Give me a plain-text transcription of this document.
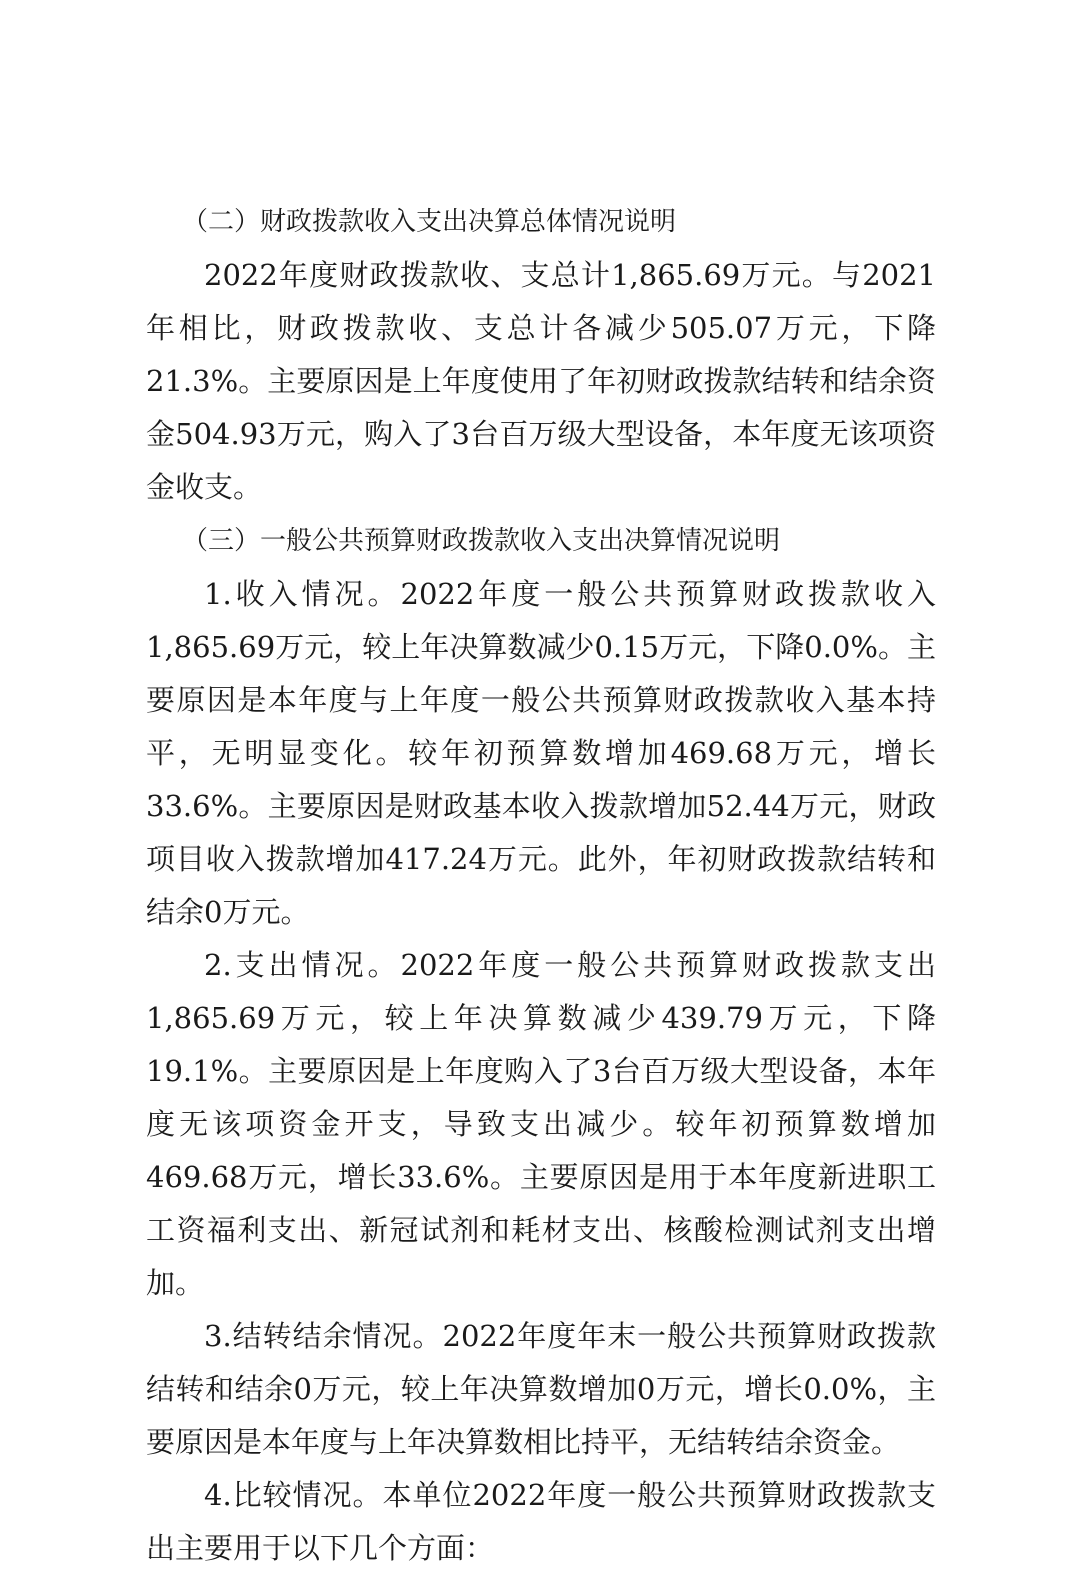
（二）财政拨款收入支出决算总体情况说明

2022年度财政拨款收、支总计1,865.69万元。与2021年相比，财政拨款收、支总计各减少505.07万元，下降21.3%。主要原因是上年度使用了年初财政拨款结转和结余资金504.93万元，购入了3台百万级大型设备，本年度无该项资金收支。

（三）一般公共预算财政拨款收入支出决算情况说明

1.收入情况。2022年度一般公共预算财政拨款收入1,865.69万元，较上年决算数减少0.15万元，下降0.0%。主要原因是本年度与上年度一般公共预算财政拨款收入基本持平，无明显变化。较年初预算数增加469.68万元，增长33.6%。主要原因是财政基本收入拨款增加52.44万元，财政项目收入拨款增加417.24万元。此外，年初财政拨款结转和结余0万元。

2.支出情况。2022年度一般公共预算财政拨款支出1,865.69万元，较上年决算数减少439.79万元，下降19.1%。主要原因是上年度购入了3台百万级大型设备，本年度无该项资金开支，导致支出减少。较年初预算数增加469.68万元，增长33.6%。主要原因是用于本年度新进职工工资福利支出、新冠试剂和耗材支出、核酸检测试剂支出增加。

3.结转结余情况。2022年度年末一般公共预算财政拨款结转和结余0万元，较上年决算数增加0万元，增长0.0%，主要原因是本年度与上年决算数相比持平，无结转结余资金。

4.比较情况。本单位2022年度一般公共预算财政拨款支出主要用于以下几个方面：
